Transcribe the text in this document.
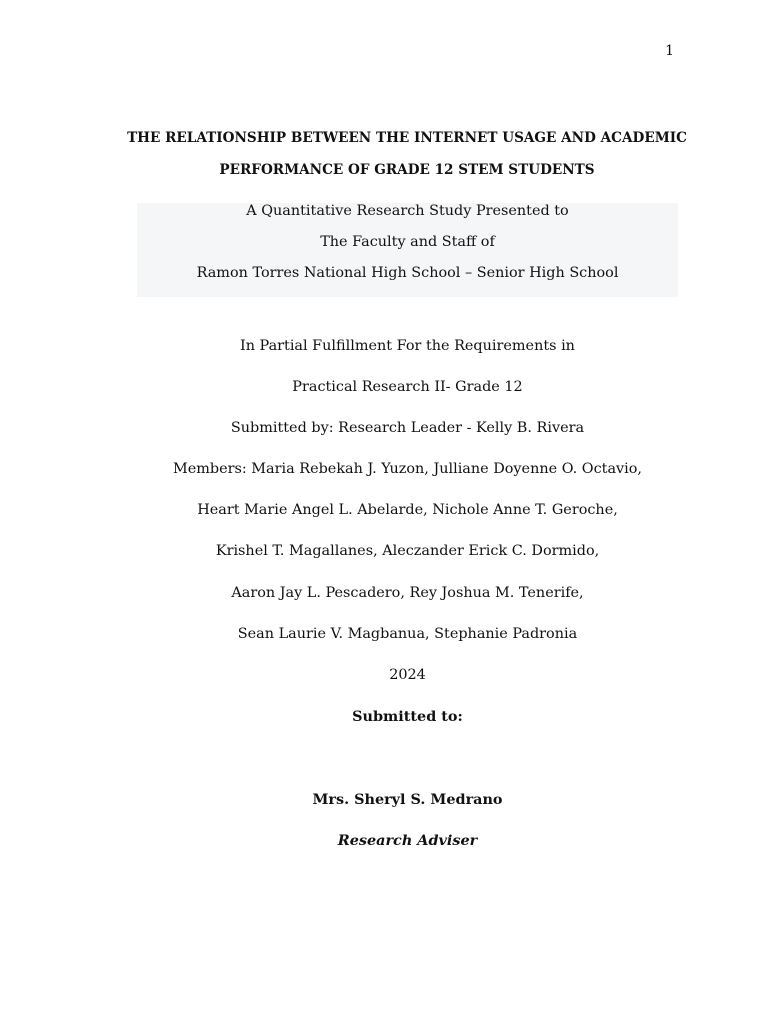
1
THE RELATIONSHIP BETWEEN THE INTERNET USAGE AND ACADEMIC
PERFORMANCE OF GRADE 12 STEM STUDENTS
A Quantitative Research Study Presented to
The Faculty and Staff of
Ramon Torres National High School – Senior High School
In Partial Fulfillment For the Requirements in
Practical Research II- Grade 12
Submitted by: Research Leader - Kelly B. Rivera
Members: Maria Rebekah J. Yuzon, Julliane Doyenne O. Octavio,
Heart Marie Angel L. Abelarde, Nichole Anne T. Geroche,
Krishel T. Magallanes, Aleczander Erick C. Dormido,
Aaron Jay L. Pescadero, Rey Joshua M. Tenerife,
Sean Laurie V. Magbanua, Stephanie Padronia
2024
Submitted to:
Mrs. Sheryl S. Medrano
Research Adviser
